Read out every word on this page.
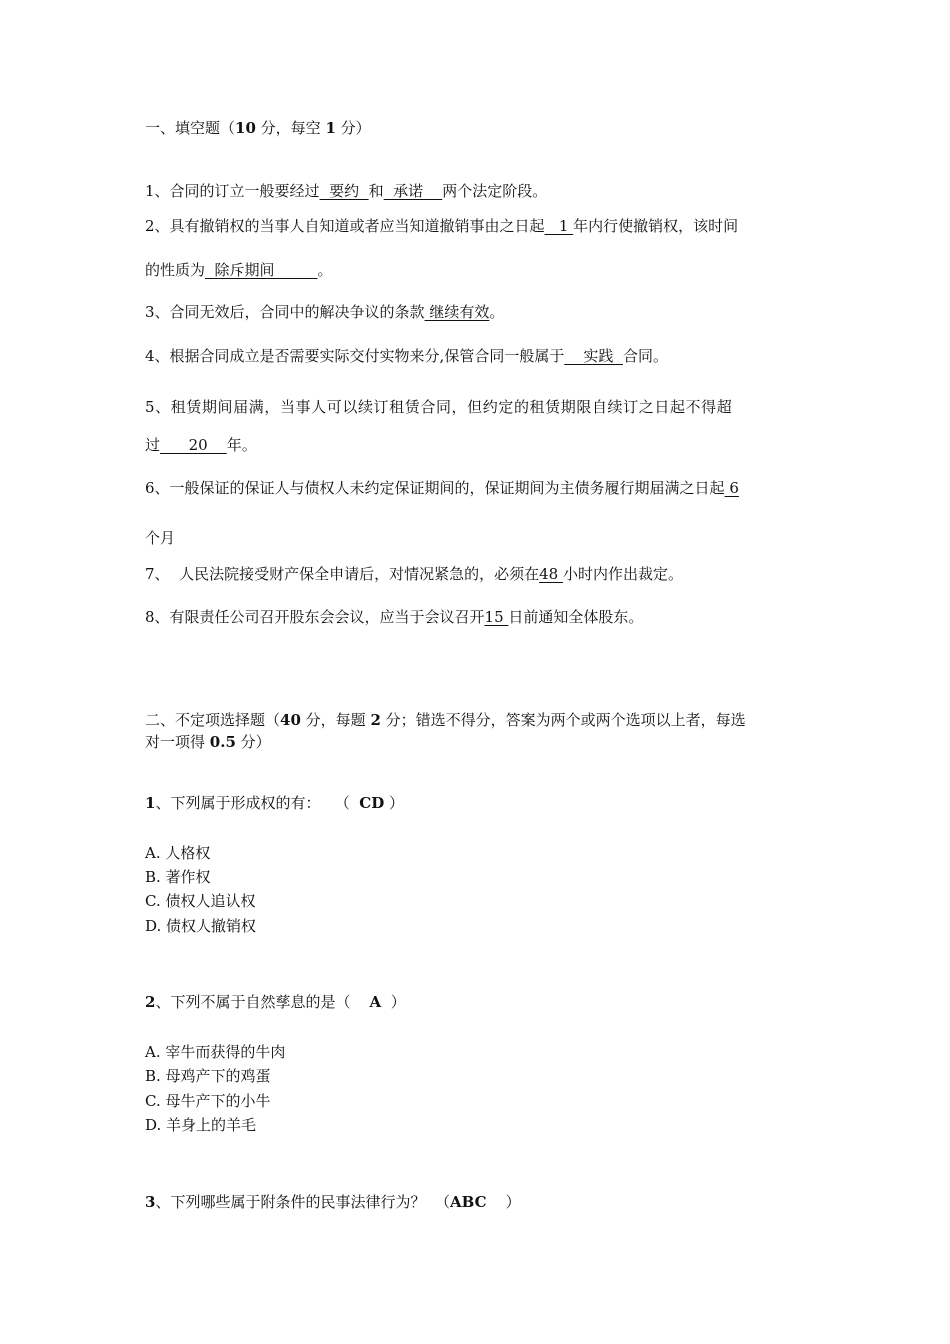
一、填空题（10 分，每空 1 分）
1、合同的订立一般要经过  要约  和  承诺    两个法定阶段。
2、具有撤销权的当事人自知道或者应当知道撤销事由之日起   1 年内行使撤销权，该时间
的性质为  除斥期间         。
3、合同无效后，合同中的解决争议的条款 继续有效。
4、根据合同成立是否需要实际交付实物来分,保管合同一般属于    实践  合同。
5、租赁期间届满，当事人可以续订租赁合同，但约定的租赁期限自续订之日起不得超
过      20    年。
6、一般保证的保证人与债权人未约定保证期间的，保证期间为主债务履行期届满之日起 6
个月
7、  人民法院接受财产保全申请后，对情况紧急的，必须在48 小时内作出裁定。
8、有限责任公司召开股东会会议，应当于会议召开15 日前通知全体股东。
二、不定项选择题（40 分，每题 2 分；错选不得分，答案为两个或两个选项以上者，每选
对一项得 0.5 分）
1、下列属于形成权的有：   （  CD ）
A. 人格权
B. 著作权
C. 债权人追认权
D. 债权人撤销权
2、下列不属于自然孳息的是（    A  ）
A. 宰牛而获得的牛肉
B. 母鸡产下的鸡蛋
C. 母牛产下的小牛
D. 羊身上的羊毛
3、下列哪些属于附条件的民事法律行为？  （ABC    ）
